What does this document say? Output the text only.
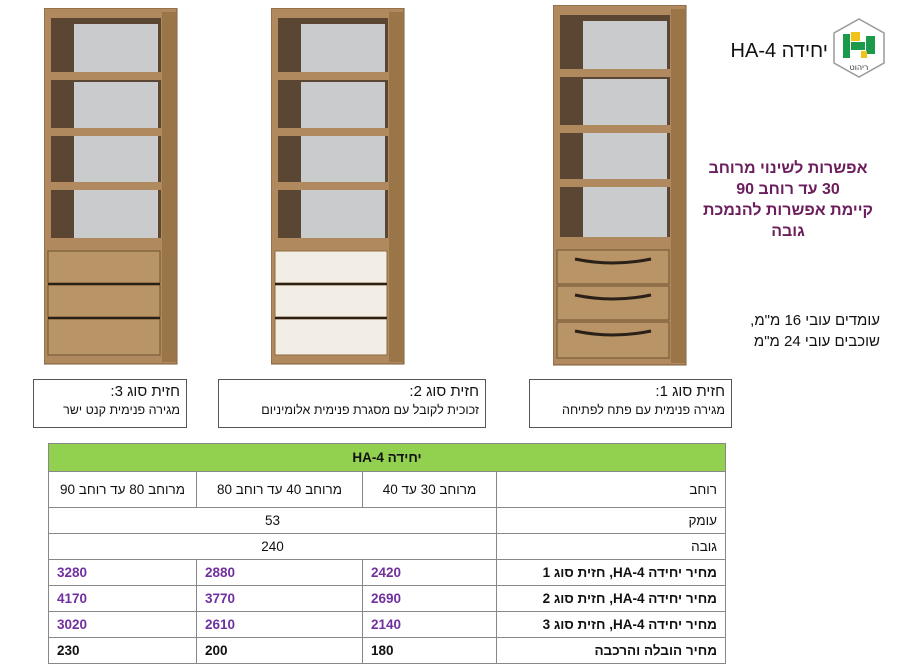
ריהוט
יחידה HA-4
אפשרות לשינוי מרוחב
30 עד רוחב 90
קיימת אפשרות להנמכת
גובה
עומדים עובי 16 מ"מ,
שוכבים עובי 24 מ"מ
חזית סוג 3:
מגירה פנימית קנט ישר
חזית סוג 2:
זכוכית לקובל עם מסגרת פנימית אלומיניום
חזית סוג 1:
מגירה פנימית עם פתח לפתיחה
יחידה HA-4			
רוחב	מרוחב 30 עד 40	מרוחב 40 עד רוחב 80	מרוחב 80 עד רוחב 90
עומק	53		
גובה	240		
מחיר יחידה HA-4, חזית סוג 1	2420	2880	3280
מחיר יחידה HA-4, חזית סוג 2	2690	3770	4170
מחיר יחידה HA-4, חזית סוג 3	2140	2610	3020
מחיר הובלה והרכבה	180	200	230
